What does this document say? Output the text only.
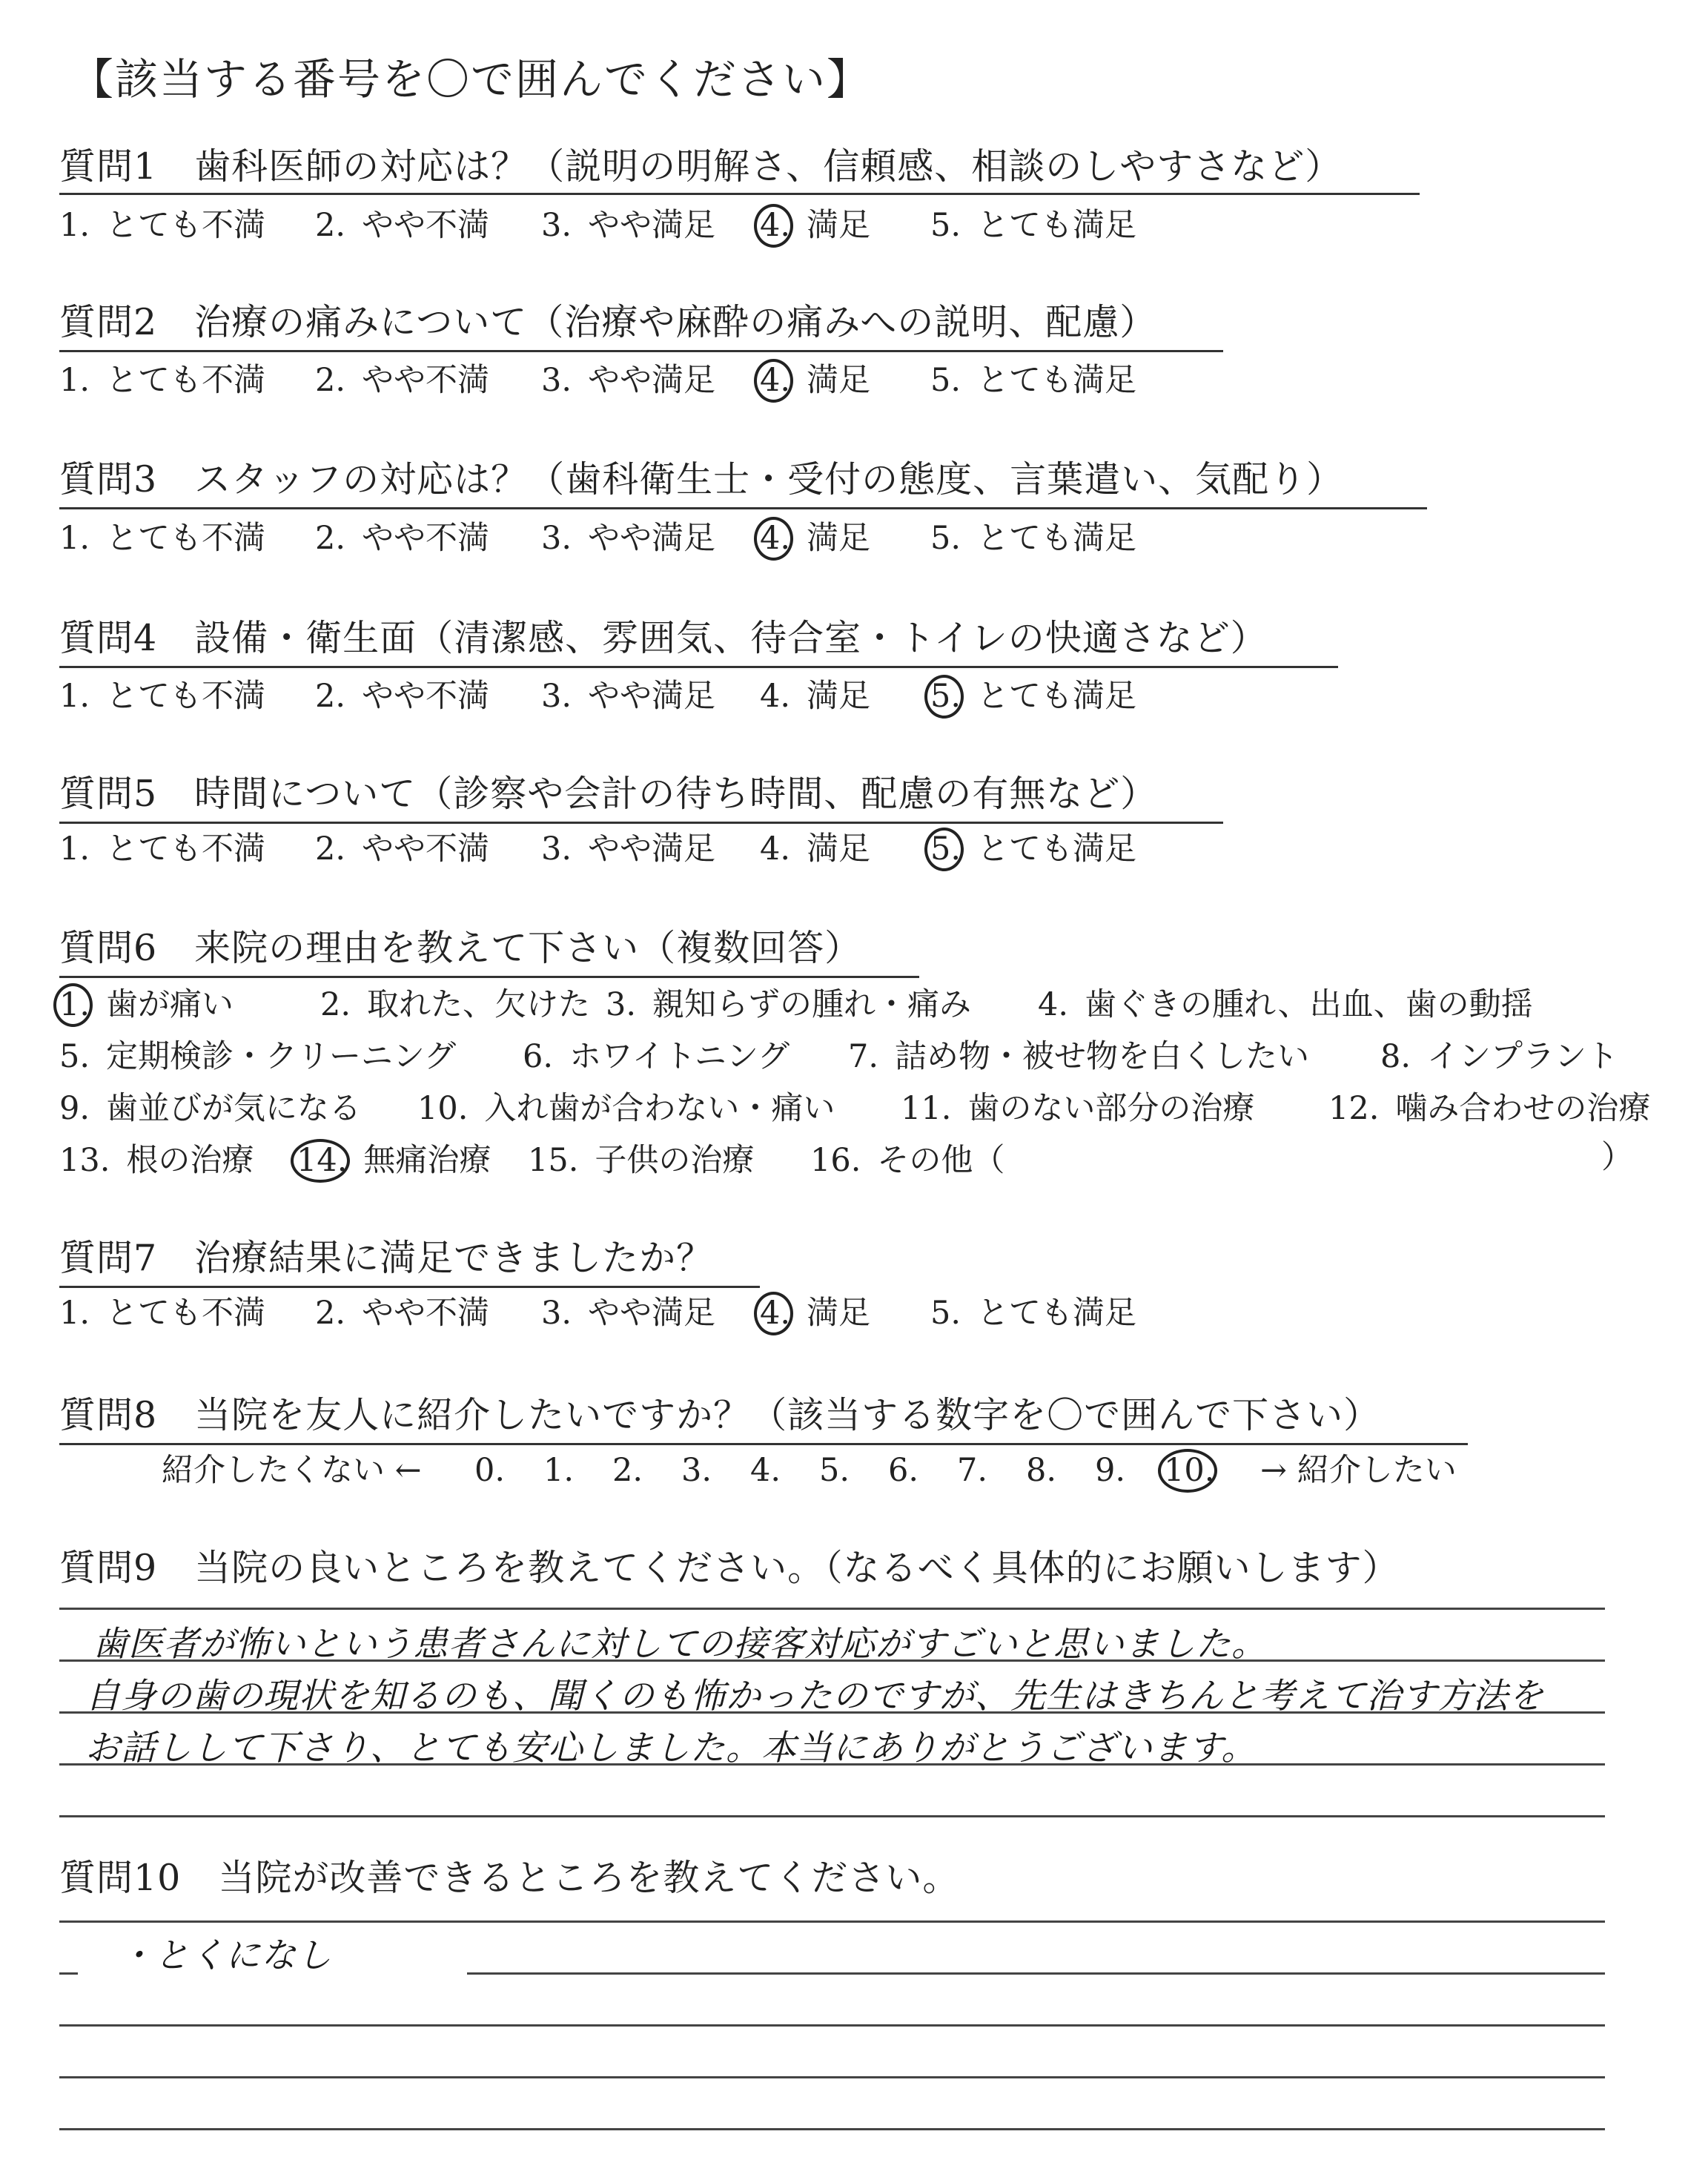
【該当する番号を〇で囲んでください】
質問1　歯科医師の対応は？（説明の明解さ、信頼感、相談のしやすさなど）
1. とても不満 2. やや不満 3. やや満足 4. 満足 5. とても満足
質問2　治療の痛みについて（治療や麻酔の痛みへの説明、配慮）
1. とても不満 2. やや不満 3. やや満足 4. 満足 5. とても満足
質問3　スタッフの対応は？（歯科衛生士・受付の態度、言葉遣い、気配り）
1. とても不満 2. やや不満 3. やや満足 4. 満足 5. とても満足
質問4　設備・衛生面（清潔感、雰囲気、待合室・トイレの快適さなど）
1. とても不満 2. やや不満 3. やや満足 4. 満足 5. とても満足
質問5　時間について（診察や会計の待ち時間、配慮の有無など）
1. とても不満 2. やや不満 3. やや満足 4. 満足 5. とても満足
質問6　来院の理由を教えて下さい（複数回答）
1. 歯が痛い	2. 取れた、欠けた 3. 親知らずの腫れ・痛み 4. 歯ぐきの腫れ、出血、歯の動揺
5. 定期検診・クリーニング 6. ホワイトニング 7. 詰め物・被せ物を白くしたい 8. インプラント
9. 歯並びが気になる 10. 入れ歯が合わない・痛い 11. 歯のない部分の治療 12. 噛み合わせの治療
13. 根の治療 14. 無痛治療 15. 子供の治療 16. その他（	）
質問7　治療結果に満足できましたか？
1. とても不満 2. やや不満 3. やや満足 4. 満足 5. とても満足
質問8　当院を友人に紹介したいですか？（該当する数字を〇で囲んで下さい）
紹介したくない ← 0. 1. 2. 3. 4. 5. 6. 7. 8. 9. 10. → 紹介したい
質問9　当院の良いところを教えてください。（なるべく具体的にお願いします）
歯医者が怖いという患者さんに対しての接客対応がすごいと思いました。
自身の歯の現状を知るのも、聞くのも怖かったのですが、先生はきちんと考えて治す方法を
お話しして下さり、とても安心しました。本当にありがとうございます。
質問10　当院が改善できるところを教えてください。
・とくになし
